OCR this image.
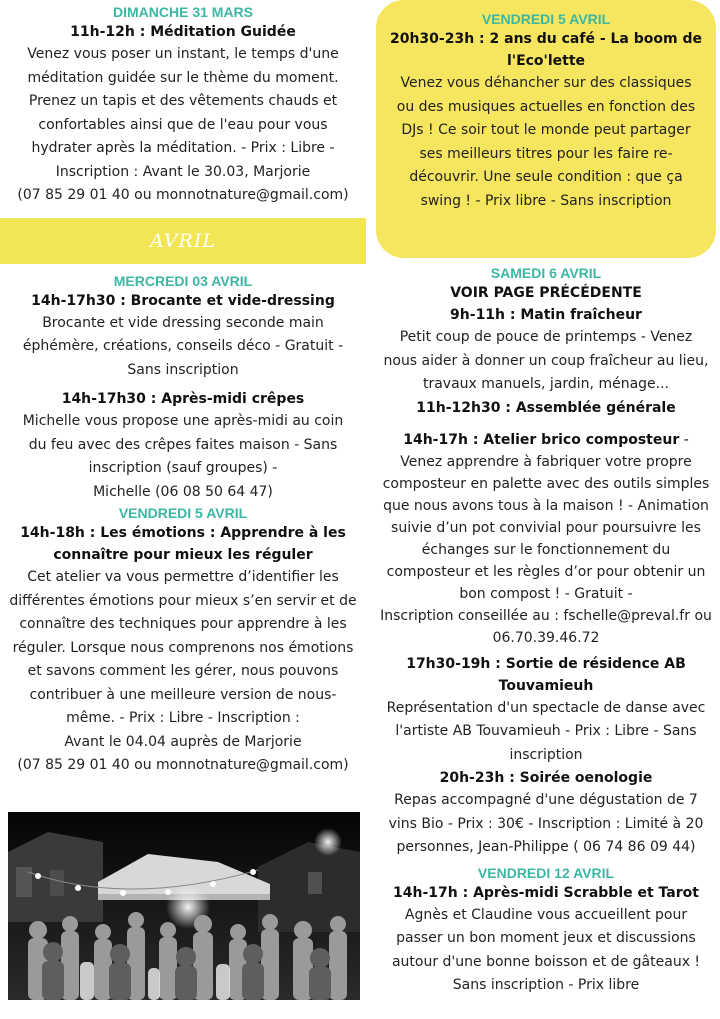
DIMANCHE 31 MARS
11h-12h : Méditation Guidée
Venez vous poser un instant, le temps d'une
méditation guidée sur le thème du moment.
Prenez un tapis et des vêtements chauds et
confortables ainsi que de l'eau pour vous
hydrater après la méditation. - Prix : Libre -
Inscription : Avant le 30.03, Marjorie
(07 85 29 01 40 ou monnotnature@gmail.com)
AVRIL
MERCREDI 03 AVRIL
14h-17h30 : Brocante et vide-dressing
Brocante et vide dressing seconde main
éphémère, créations, conseils déco - Gratuit -
Sans inscription
14h-17h30 : Après-midi crêpes
Michelle vous propose une après-midi au coin
du feu avec des crêpes faites maison - Sans
inscription (sauf groupes) -
Michelle (06 08 50 64 47)
VENDREDI 5 AVRIL
14h-18h : Les émotions : Apprendre à les
connaître pour mieux les réguler
Cet atelier va vous permettre d’identifier les
différentes émotions pour mieux s’en servir et de
connaître des techniques pour apprendre à les
réguler. Lorsque nous comprenons nos émotions
et savons comment les gérer, nous pouvons
contribuer à une meilleure version de nous-
même. - Prix : Libre - Inscription :
Avant le 04.04 auprès de Marjorie
(07 85 29 01 40 ou monnotnature@gmail.com)
VENDREDI 5 AVRIL
20h30-23h : 2 ans du café - La boom de
l'Eco'lette
Venez vous déhancher sur des classiques
ou des musiques actuelles en fonction des
DJs ! Ce soir tout le monde peut partager
ses meilleurs titres pour les faire re-
découvrir. Une seule condition : que ça
swing ! - Prix libre - Sans inscription
SAMEDI 6 AVRIL
VOIR PAGE PRÉCÉDENTE
9h-11h : Matin fraîcheur
Petit coup de pouce de printemps - Venez
nous aider à donner un coup fraîcheur au lieu,
travaux manuels, jardin, ménage...
11h-12h30 : Assemblée générale
14h-17h : Atelier brico composteur -
Venez apprendre à fabriquer votre propre
composteur en palette avec des outils simples
que nous avons tous à la maison ! - Animation
suivie d’un pot convivial pour poursuivre les
échanges sur le fonctionnement du
composteur et les règles d’or pour obtenir un
bon compost ! - Gratuit -
Inscription conseillée au : fschelle@preval.fr ou
06.70.39.46.72
17h30-19h : Sortie de résidence AB
Touvamieuh
Représentation d'un spectacle de danse avec
l'artiste AB Touvamieuh - Prix : Libre - Sans
inscription
20h-23h : Soirée oenologie
Repas accompagné d'une dégustation de 7
vins Bio - Prix : 30€ - Inscription : Limité à 20
personnes, Jean-Philippe ( 06 74 86 09 44)
VENDREDI 12 AVRIL
14h-17h : Après-midi Scrabble et Tarot
Agnès et Claudine vous accueillent pour
passer un bon moment jeux et discussions
autour d'une bonne boisson et de gâteaux !
Sans inscription - Prix libre
